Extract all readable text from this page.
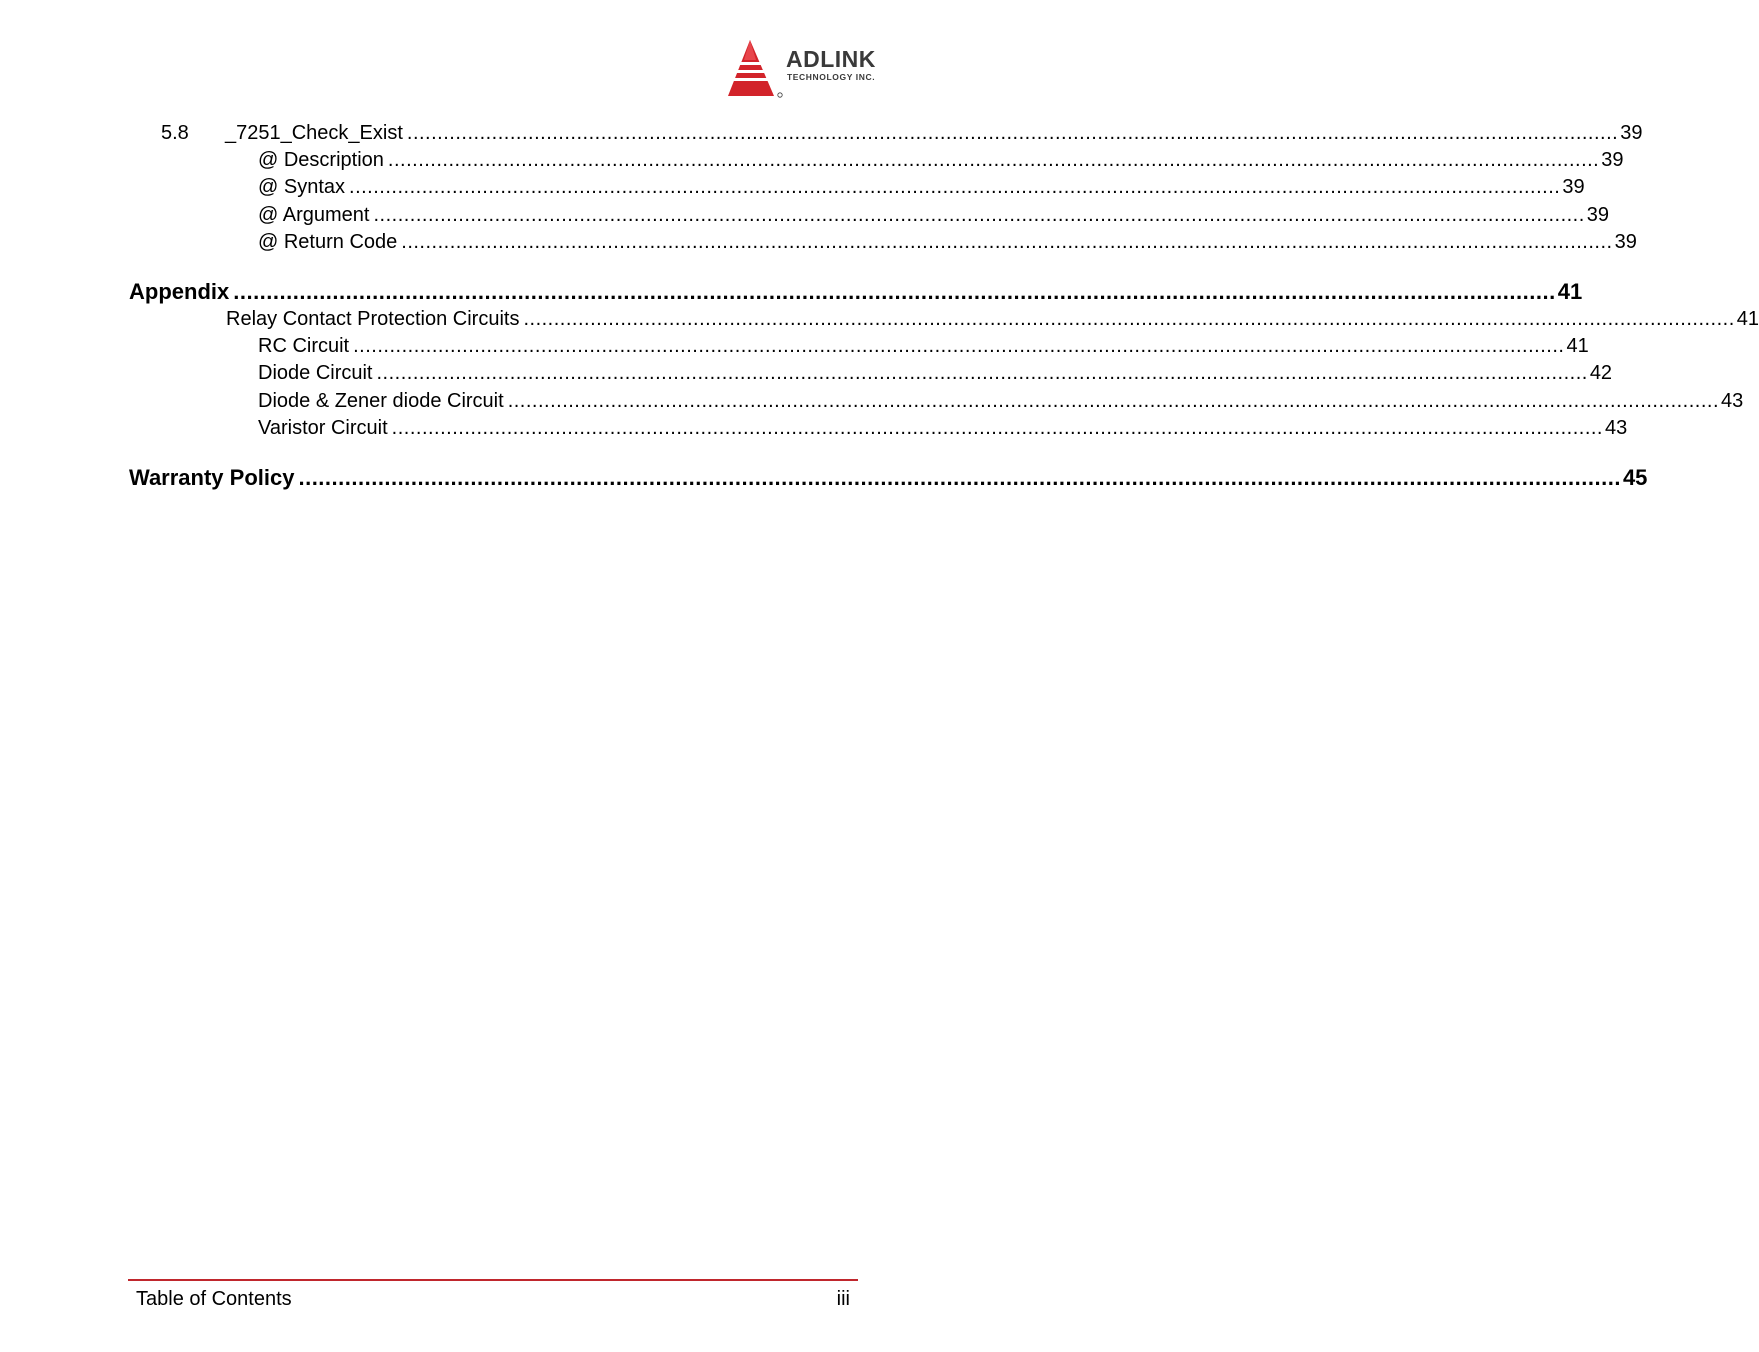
ADLINK
TECHNOLOGY INC.
5.8	_7251_Check_Exist ........................................................................................................................................................................................................ 39
@ Description ........................................................................................................................................................................................................ 39
@ Syntax ........................................................................................................................................................................................................ 39
@ Argument ........................................................................................................................................................................................................ 39
@ Return Code ........................................................................................................................................................................................................ 39
Appendix ........................................................................................................................................................................................................ 41
Relay Contact Protection Circuits ........................................................................................................................................................................................................ 41
RC Circuit ........................................................................................................................................................................................................ 41
Diode Circuit ........................................................................................................................................................................................................ 42
Diode & Zener diode Circuit ........................................................................................................................................................................................................ 43
Varistor Circuit ........................................................................................................................................................................................................ 43
Warranty Policy ........................................................................................................................................................................................................ 45
Table of Contents	iii
